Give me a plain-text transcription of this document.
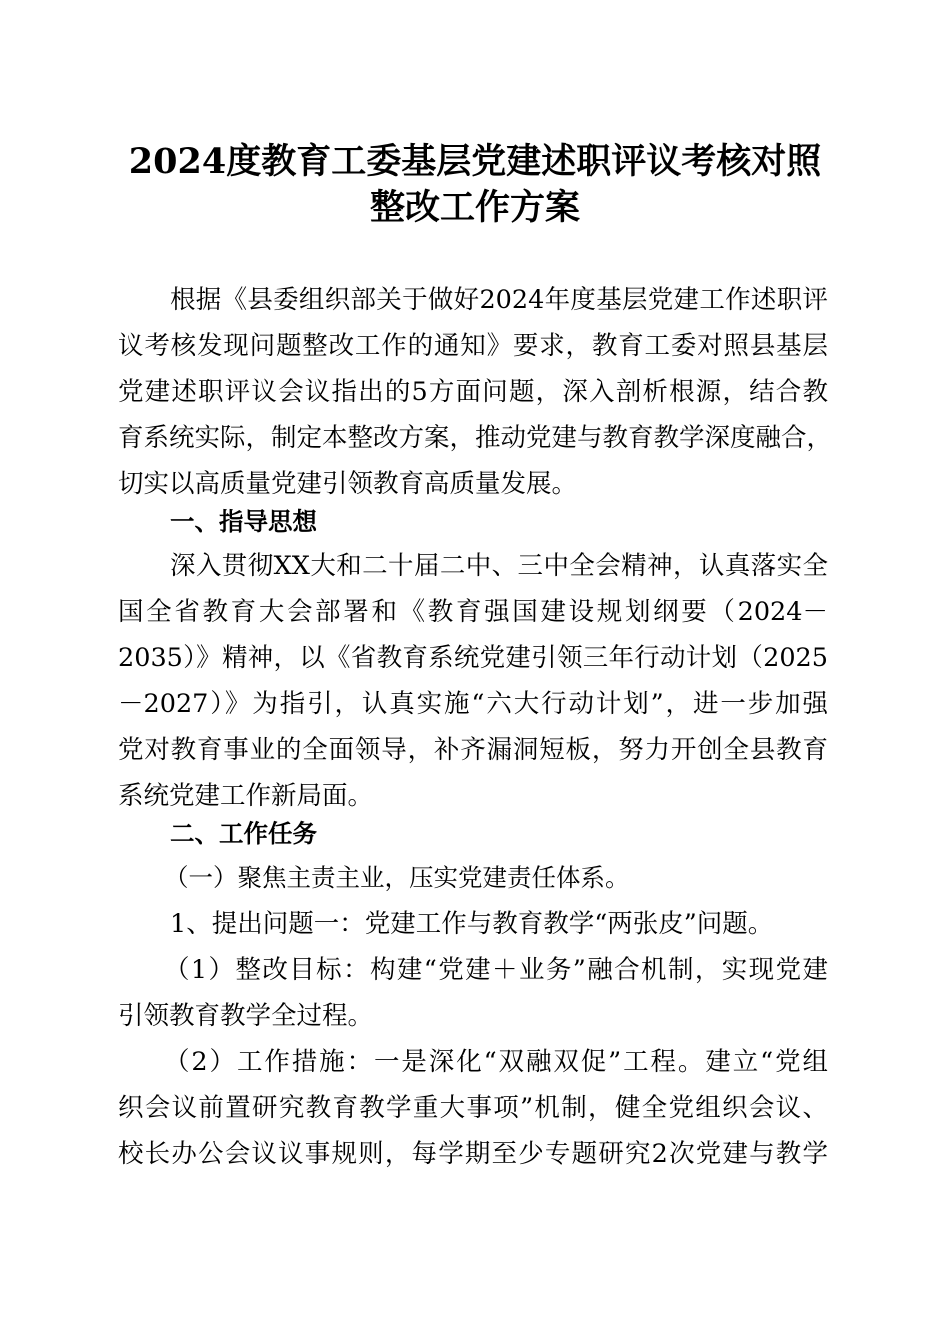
2024度教育工委基层党建述职评议考核对照
整改工作方案
根据《县委组织部关于做好2024年度基层党建工作述职评
议考核发现问题整改工作的通知》要求，教育工委对照县基层
党建述职评议会议指出的5方面问题，深入剖析根源，结合教
育系统实际，制定本整改方案，推动党建与教育教学深度融合，
切实以高质量党建引领教育高质量发展。
一、指导思想
深入贯彻XX大和二十届二中、三中全会精神，认真落实全
国全省教育大会部署和《教育强国建设规划纲要（2024－
2035）》精神，以《省教育系统党建引领三年行动计划（2025
－2027）》为指引，认真实施“六大行动计划”，进一步加强
党对教育事业的全面领导，补齐漏洞短板，努力开创全县教育
系统党建工作新局面。
二、工作任务
（一）聚焦主责主业，压实党建责任体系。
1、提出问题一：党建工作与教育教学“两张皮”问题。
（1）整改目标：构建“党建＋业务”融合机制，实现党建
引领教育教学全过程。
（2）工作措施：一是深化“双融双促”工程。建立“党组
织会议前置研究教育教学重大事项”机制，健全党组织会议、
校长办公会议议事规则，每学期至少专题研究2次党建与教学
